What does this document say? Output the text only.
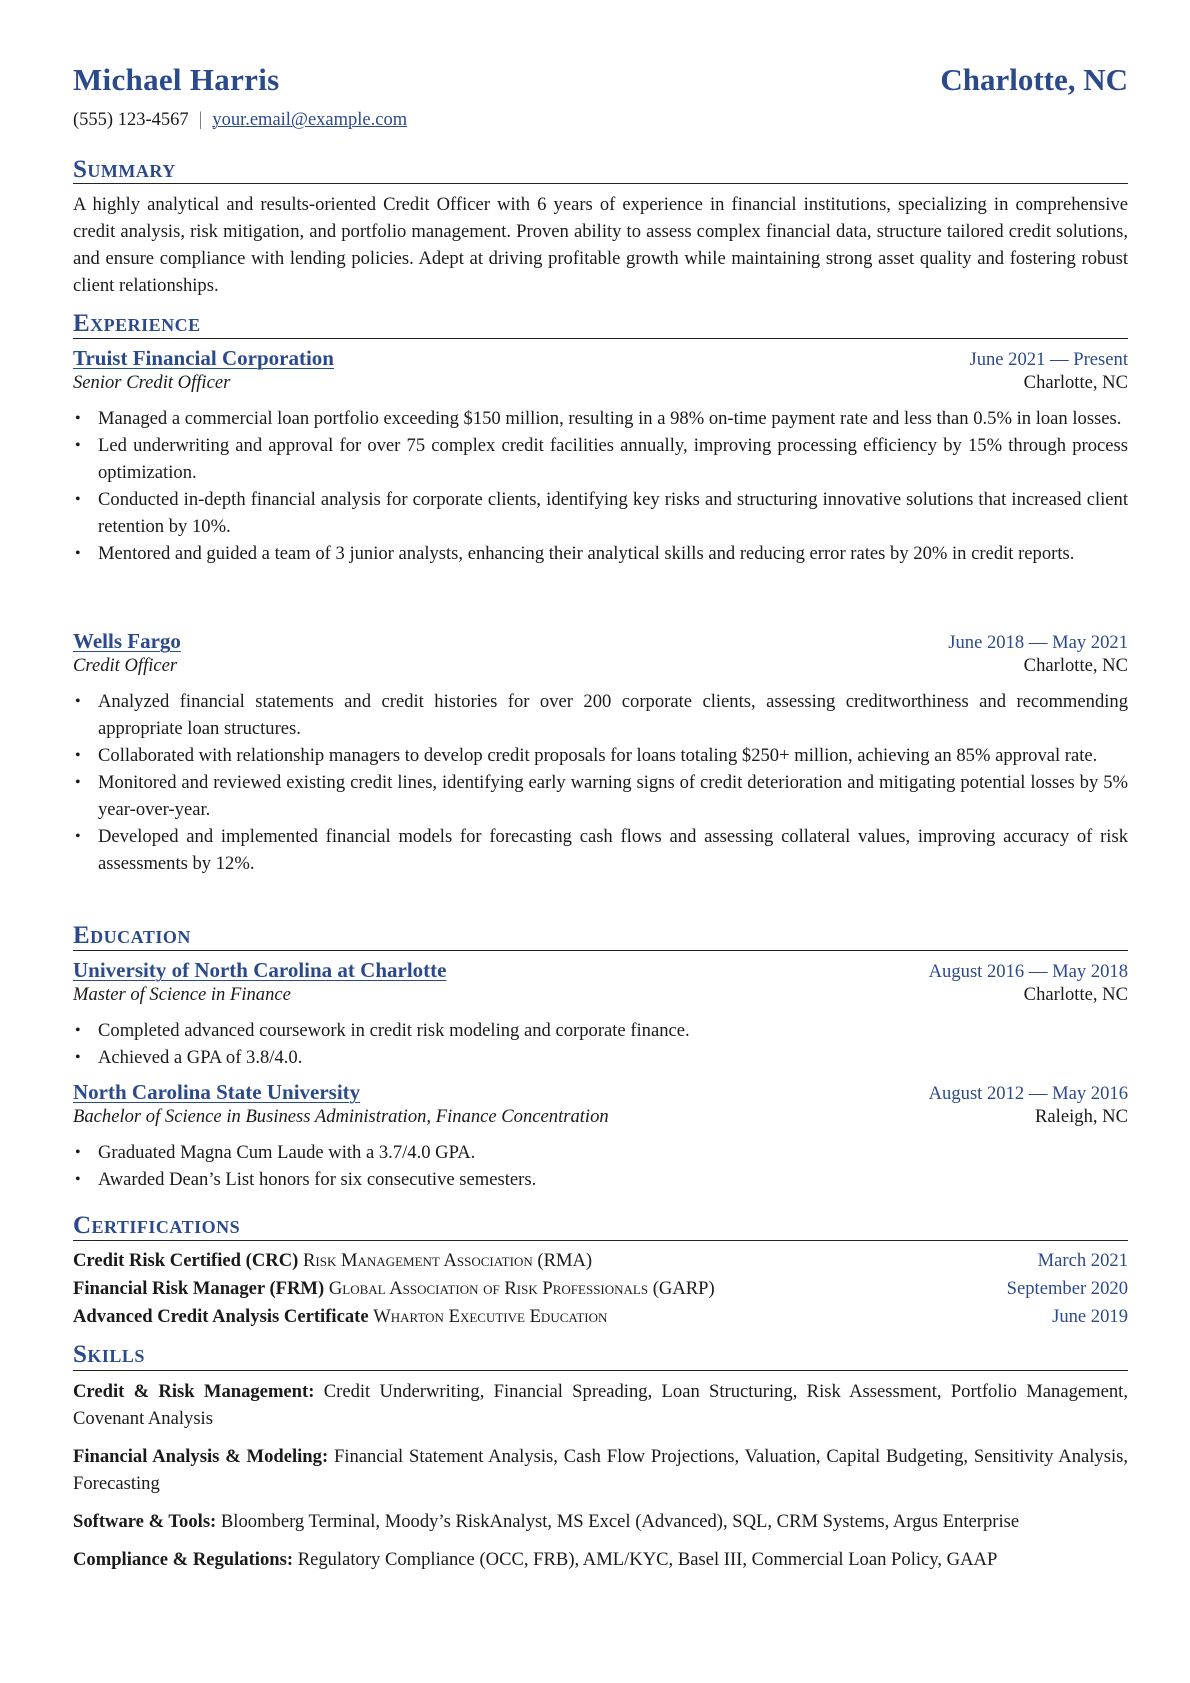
Michael Harris	Charlotte, NC
(555) 123-4567 | your.email@example.com
Summary
A highly analytical and results-oriented Credit Officer with 6 years of experience in financial institutions, specializing in comprehensive credit analysis, risk mitigation, and portfolio management. Proven ability to assess complex financial data, structure tailored credit solutions, and ensure compliance with lending policies. Adept at driving profitable growth while maintaining strong asset quality and fostering robust client relationships.
Experience
Truist Financial Corporation	June 2021 — Present
Senior Credit Officer	Charlotte, NC
• Managed a commercial loan portfolio exceeding $150 million, resulting in a 98% on-time payment rate and less than 0.5% in loan losses.
• Led underwriting and approval for over 75 complex credit facilities annually, improving processing efficiency by 15% through process optimization.
• Conducted in-depth financial analysis for corporate clients, identifying key risks and structuring innovative solutions that increased client retention by 10%.
• Mentored and guided a team of 3 junior analysts, enhancing their analytical skills and reducing error rates by 20% in credit reports.
Wells Fargo	June 2018 — May 2021
Credit Officer	Charlotte, NC
• Analyzed financial statements and credit histories for over 200 corporate clients, assessing creditworthiness and recommending appropriate loan structures.
• Collaborated with relationship managers to develop credit proposals for loans totaling $250+ million, achieving an 85% approval rate.
• Monitored and reviewed existing credit lines, identifying early warning signs of credit deterioration and mitigating potential losses by 5% year-over-year.
• Developed and implemented financial models for forecasting cash flows and assessing collateral values, improving accuracy of risk assessments by 12%.
Education
University of North Carolina at Charlotte	August 2016 — May 2018
Master of Science in Finance	Charlotte, NC
• Completed advanced coursework in credit risk modeling and corporate finance.
• Achieved a GPA of 3.8/4.0.
North Carolina State University	August 2012 — May 2016
Bachelor of Science in Business Administration, Finance Concentration	Raleigh, NC
• Graduated Magna Cum Laude with a 3.7/4.0 GPA.
• Awarded Dean’s List honors for six consecutive semesters.
Certifications
Credit Risk Certified (CRC) Risk Management Association (RMA)	March 2021
Financial Risk Manager (FRM) Global Association of Risk Professionals (GARP)	September 2020
Advanced Credit Analysis Certificate Wharton Executive Education	June 2019
Skills
Credit & Risk Management: Credit Underwriting, Financial Spreading, Loan Structuring, Risk Assessment, Portfolio Management, Covenant Analysis
Financial Analysis & Modeling: Financial Statement Analysis, Cash Flow Projections, Valuation, Capital Budgeting, Sensitivity Analysis, Forecasting
Software & Tools: Bloomberg Terminal, Moody’s RiskAnalyst, MS Excel (Advanced), SQL, CRM Systems, Argus Enterprise
Compliance & Regulations: Regulatory Compliance (OCC, FRB), AML/KYC, Basel III, Commercial Loan Policy, GAAP
